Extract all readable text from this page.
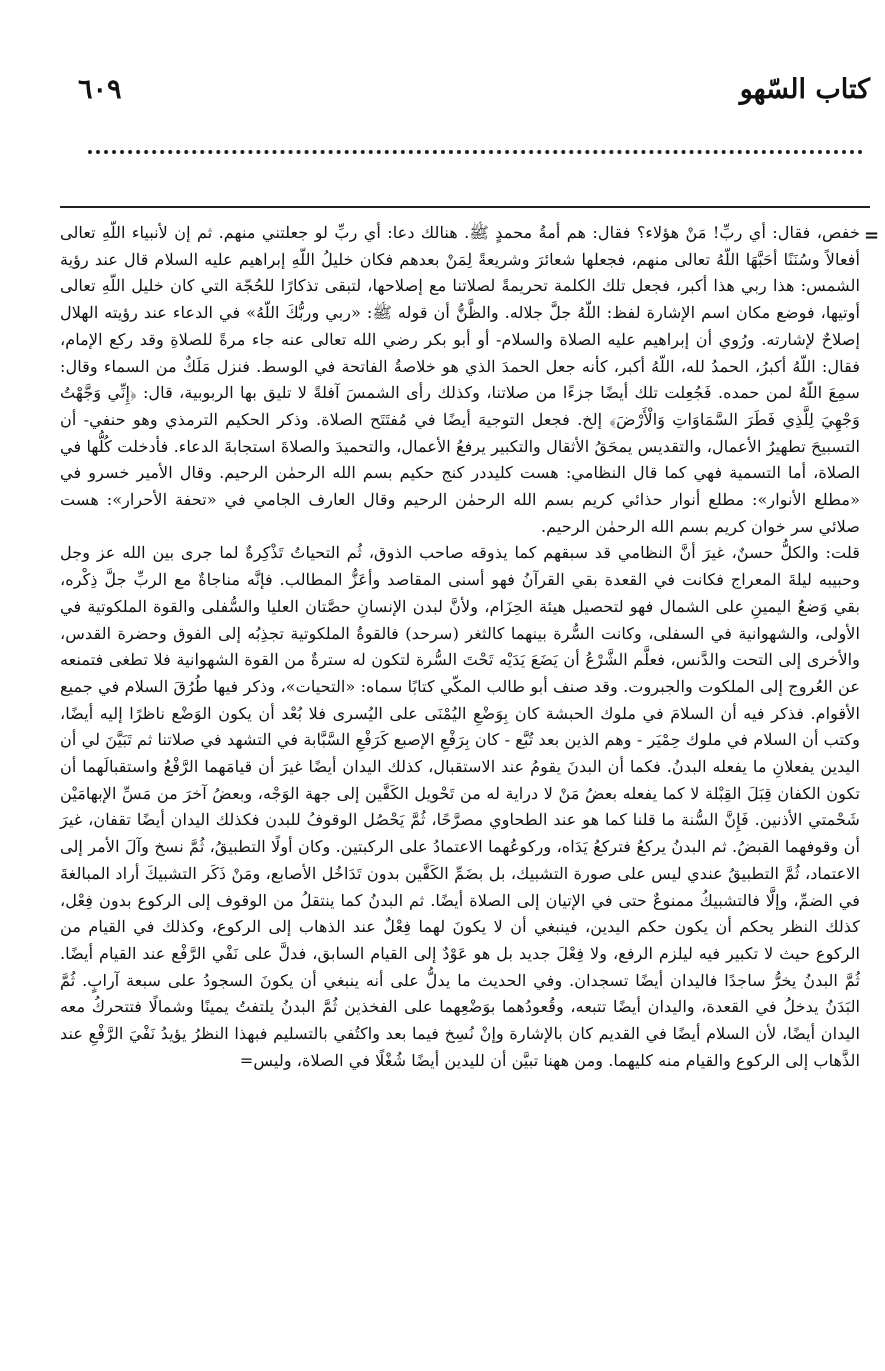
كتاب السّهو
٦٠٩
=

خفص، فقال: أي ربِّ! مَنْ هؤلاء؟ فقال: هم أمةُ محمدٍ ﷺ. هنالك دعا: أي ربِّ لو جعلتني منهم. ثم إن لأنبياء اللّهِ تعالى أفعالاً وسُنَنًا أحَبَّهَا اللّهُ تعالى منهم، فجعلها شعائرَ وشريعةً لِمَنْ بعدهم فكان خليلُ اللّهِ إبراهيم عليه السلام قال عند رؤية الشمس: هذا ربي هذا أكبر، فجعل تلك الكلمة تحريمةً لصلاتنا مع إصلاحها، لتبقى تذكارًا للحُجّة التي كان خليل اللّهِ تعالى أوتيها، فوضع مكان اسم الإشارة لفظ: اللّهُ جلَّ جلاله. والظَّنُّ أن قوله ﷺ: «ربي وربُّكَ اللّهُ» في الدعاء عند رؤيته الهلال إصلاحٌ لإشارته. ورُوي أن إبراهيم عليه الصلاة والسلام- أو أبو بكر رضي الله تعالى عنه جاء مرةً للصلاةِ وقد ركع الإمام، فقال: اللّهُ أكبرُ، الحمدُ لله، اللّهُ أكبر، كأنه جعل الحمدَ الذي هو خلاصةُ الفاتحة في الوسط. فنزل مَلَكٌ من السماء وقال: سمِعَ اللّهُ لمن حمده. فَجُعِلت تلك أيضًا جزءًا من صلاتنا، وكذلك رأى الشمسَ آفلةً لا تليق بها الربوبية، قال: ﴿إِنِّي وَجَّهْتُ وَجْهِيَ لِلَّذِي فَطَرَ السَّمَاوَاتِ وَالْأَرْضَ﴾ إلخ. فجعل التوجيهَ أيضًا في مُفتَتَح الصلاة. وذكر الحكيم الترمذي وهو حنفي- أن التسبيحَ تطهيرُ الأعمال، والتقديس يمحَقُ الأثقال والتكبير يرفعُ الأعمال، والتحميدَ والصلاةَ استجابةَ الدعاء. فأدخلت كُلُّها في الصلاة، أما التسمية فهي كما قال النظامي: هست كليددر كنج حكيم بسم الله الرحمٰن الرحيم. وقال الأمير خسرو في «مطلع الأنوار»: مطلع أنوار حذائي كريم بسم الله الرحمٰن الرحيم وقال العارف الجامي في «تحفة الأحرار»: هست صلائي سر خوان كريم بسم الله الرحمٰن الرحيم.

قلت: والكلُّ حسنٌ، غيرَ أنَّ النظامي قد سبقهم كما يذوقه صاحب الذوق، ثُم التحياتُ تَذْكِرةٌ لما جرى بين الله عز وجل وحبيبه ليلةَ المعراج فكانت في القعدة بقي القرآنُ فهو أسنى المقاصد وأعَزُّ المطالب. فإنَّه مناجاةٌ مع الربِّ جلَّ ذِكْره، بقي وَضعُ اليمينِ على الشمال فهو لتحصيل هيئة الحِزَام، ولأنَّ لبدن الإنسانِ حصَّتان العليا والسُّفلى والقوة الملكوتية في الأولى، والشهوانية في السفلى، وكانت السُّرة بينهما كالثغر (سرحد) فالقوةُ الملكوتية تجذِبُه إلى الفوق وحضرة القدس، والأخرى إلى التحت والدَّنس، فعلَّم الشَّرْعُ أن يَضَعَ يَدَيْه تَحْتَ السُّرة لتكون له سترةٌ من القوة الشهوانية فلا تطغى فتمنعه عن العُروج إلى الملكوت والجبروت. وقد صنف أبو طالب المكّي كتابًا سماه: «التحيات»، وذكر فيها طُرُقَ السلام في جميع الأقوام. فذكر فيه أن السلامَ في ملوك الحبشة كان بِوَضْعِ اليُمْنَى على اليُسرى فلا بُعْد أن يكون الوَضْع ناظرًا إليه أيضًا، وكتب أن السلام في ملوك حِمْيَر - وهم الذين بعد تُبَّع - كان بِرَفْعِ الإصبع كَرَفْعِ السَّبَّابة في التشهد في صلاتنا ثم تَبَيَّنَ لي أن اليدين يفعلانِ ما يفعله البدنُ. فكما أن البدنَ يقومُ عند الاستقبال، كذلك اليدان أيضًا غيرَ أن قيامَهما الرَّفْعُ واستقبالَهما أن تكون الكفان قِبَلَ القِبْلة لا كما يفعله بعضُ مَنْ لا دراية له من تَحْويل الكَفَّين إلى جهة الوَجْه، وبعضُ آخرَ من مَسِّ الإبهامَيْن شَحْمتي الأذنين. فَإِنَّ السُّنة ما قلنا كما هو عند الطحاوي مصرَّحًا، ثُمَّ يَحْصُل الوقوفُ للبدن فكذلك اليدان أيضًا تقفان، غيرَ أن وقوفهما القبضُ. ثم البدنُ يركعُ فتركعُ يَدَاه، وركوعُهما الاعتمادُ على الركبتين. وكان أولًا التطبيقُ، ثُمَّ نسخ وآلَ الأمر إلى الاعتماد، ثُمَّ التطبيقُ عندي ليس على صورة التشبيك، بل بضَمِّ الكَفَّين بدون تَدَاخُل الأصابع، ومَنْ ذَكَر التشبيكَ أراد المبالغةَ في الضمِّ، وإلَّا فالتشبيكُ ممنوعٌ حتى في الإتيان إلى الصلاة أيضًا. ثم البدنُ كما ينتقلُ من الوقوف إلى الركوع بدون فِعْل، كذلك النظر يحكم أن يكون حكم اليدين، فينبغي أن لا يكونَ لهما فِعْلٌ عند الذهاب إلى الركوع، وكذلك في القيام من الركوع حيث لا تكبير فيه ليلزم الرفع، ولا فِعْلَ جديد بل هو عَوْدٌ إلى القيام السابق، فدلَّ على نَفْي الرَّفْع عند القيام أيضًا. ثُمَّ البدنُ يخرُّ ساجدًا فاليدان أيضًا تسجدان. وفي الحديث ما يدلُّ على أنه ينبغي أن يكونَ السجودُ على سبعة آرابٍ. ثُمَّ البَدَنُ يدخلُ في القعدة، واليدان أيضًا تتبعه، وقُعودُهما بوَضْعِهما على الفخذين ثُمَّ البدنُ يلتفتُ يمينًا وشمالًا فتتحركُ معه اليدان أيضًا، لأن السلام أيضًا في القديم كان بالإشارة وإنْ نُسِخ فيما بعد واكتُفي بالتسليم فبهذا النظرُ يؤيدُ نَفْيَ الرَّفْعِ عند الذَّهاب إلى الركوع والقيام منه كليهما. ومن ههنا تبيَّن أن لليدين أيضًا شُغْلًا في الصلاة، وليس=
